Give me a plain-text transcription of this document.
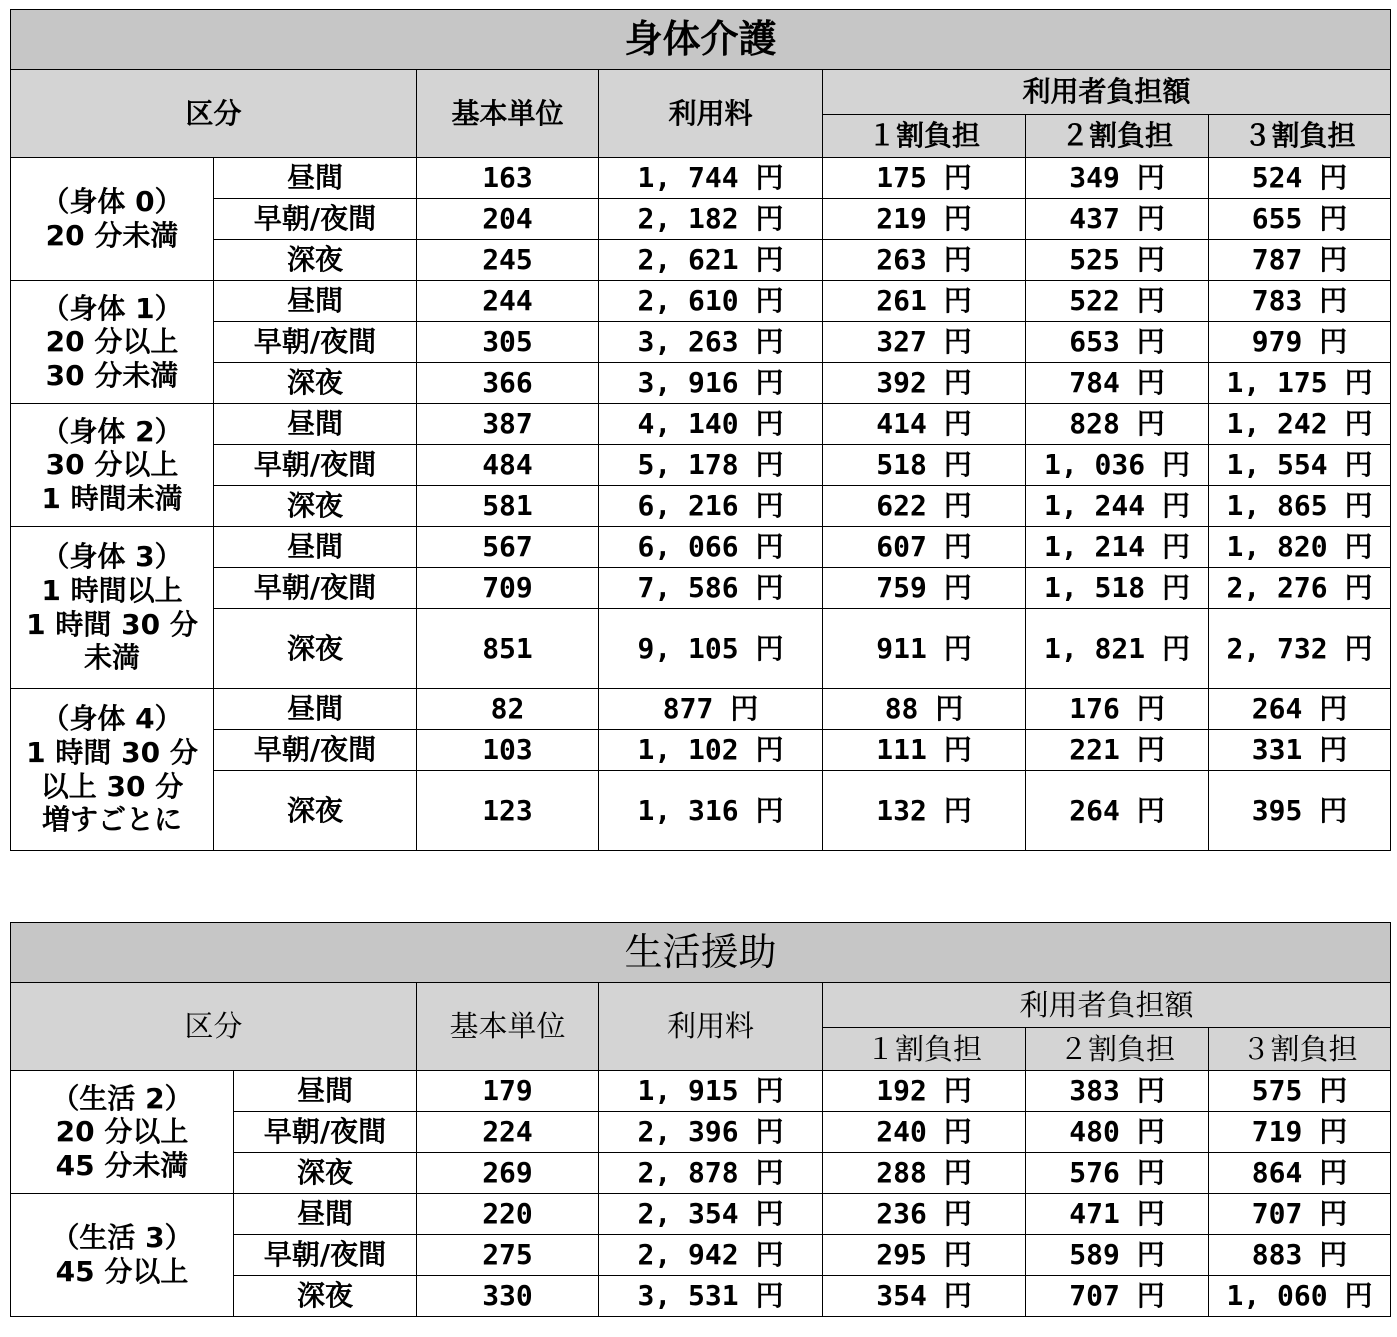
身体介護						
区分		基本単位	利用料	利用者負担額		
				１割負担	２割負担	３割負担

（身体 0）
20 分未満	昼間	163	1, 744 円	175 円	349 円	524 円
	早朝/夜間	204	2, 182 円	219 円	437 円	655 円
	深夜	245	2, 621 円	263 円	525 円	787 円

（身体 1）
20 分以上
30 分未満	昼間	244	2, 610 円	261 円	522 円	783 円
	早朝/夜間	305	3, 263 円	327 円	653 円	979 円
	深夜	366	3, 916 円	392 円	784 円	1, 175 円

（身体 2）
30 分以上
1 時間未満	昼間	387	4, 140 円	414 円	828 円	1, 242 円
	早朝/夜間	484	5, 178 円	518 円	1, 036 円	1, 554 円
	深夜	581	6, 216 円	622 円	1, 244 円	1, 865 円

（身体 3）
1 時間以上
1 時間 30 分
未満	昼間	567	6, 066 円	607 円	1, 214 円	1, 820 円
	早朝/夜間	709	7, 586 円	759 円	1, 518 円	2, 276 円
	深夜	851	9, 105 円	911 円	1, 821 円	2, 732 円

（身体 4）
1 時間 30 分
以上 30 分
増すごとに	昼間	82	877 円	88 円	176 円	264 円
	早朝/夜間	103	1, 102 円	111 円	221 円	331 円
	深夜	123	1, 316 円	132 円	264 円	395 円
生活援助						
区分		基本単位	利用料	利用者負担額		
				１割負担	２割負担	３割負担

（生活 2）
20 分以上
45 分未満	昼間	179	1, 915 円	192 円	383 円	575 円
	早朝/夜間	224	2, 396 円	240 円	480 円	719 円
	深夜	269	2, 878 円	288 円	576 円	864 円

（生活 3）
45 分以上	昼間	220	2, 354 円	236 円	471 円	707 円
	早朝/夜間	275	2, 942 円	295 円	589 円	883 円
	深夜	330	3, 531 円	354 円	707 円	1, 060 円
